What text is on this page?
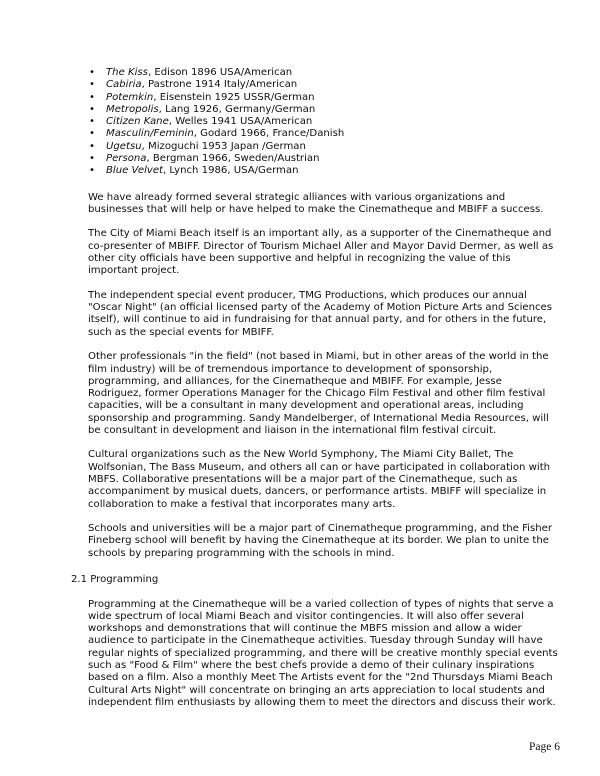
• The Kiss, Edison 1896 USA/American
• Cabiria, Pastrone 1914 Italy/American
• Potemkin, Eisenstein 1925 USSR/German
• Metropolis, Lang 1926, Germany/German
• Citizen Kane, Welles 1941 USA/American
• Masculin/Feminin, Godard 1966, France/Danish
• Ugetsu, Mizoguchi 1953 Japan /German
• Persona, Bergman 1966, Sweden/Austrian
• Blue Velvet, Lynch 1986, USA/German

We have already formed several strategic alliances with various organizations and businesses that will help or have helped to make the Cinematheque and MBIFF a success.

The City of Miami Beach itself is an important ally, as a supporter of the Cinematheque and co-presenter of MBIFF. Director of Tourism Michael Aller and Mayor David Dermer, as well as other city officials have been supportive and helpful in recognizing the value of this important project.

The independent special event producer, TMG Productions, which produces our annual "Oscar Night" (an official licensed party of the Academy of Motion Picture Arts and Sciences itself), will continue to aid in fundraising for that annual party, and for others in the future, such as the special events for MBIFF.

Other professionals "in the field" (not based in Miami, but in other areas of the world in the film industry) will be of tremendous importance to development of sponsorship, programming, and alliances, for the Cinematheque and MBIFF. For example, Jesse Rodriguez, former Operations Manager for the Chicago Film Festival and other film festival capacities, will be a consultant in many development and operational areas, including sponsorship and programming. Sandy Mandelberger, of International Media Resources, will be consultant in development and liaison in the international film festival circuit.

Cultural organizations such as the New World Symphony, The Miami City Ballet, The Wolfsonian, The Bass Museum, and others all can or have participated in collaboration with MBFS. Collaborative presentations will be a major part of the Cinematheque, such as accompaniment by musical duets, dancers, or performance artists. MBIFF will specialize in collaboration to make a festival that incorporates many arts.

Schools and universities will be a major part of Cinematheque programming, and the Fisher Fineberg school will benefit by having the Cinematheque at its border. We plan to unite the schools by preparing programming with the schools in mind.

2.1 Programming

Programming at the Cinematheque will be a varied collection of types of nights that serve a wide spectrum of local Miami Beach and visitor contingencies. It will also offer several workshops and demonstrations that will continue the MBFS mission and allow a wider audience to participate in the Cinematheque activities. Tuesday through Sunday will have regular nights of specialized programming, and there will be creative monthly special events such as "Food & Film" where the best chefs provide a demo of their culinary inspirations based on a film. Also a monthly Meet The Artists event for the "2nd Thursdays Miami Beach Cultural Arts Night" will concentrate on bringing an arts appreciation to local students and independent film enthusiasts by allowing them to meet the directors and discuss their work.

Page 6
